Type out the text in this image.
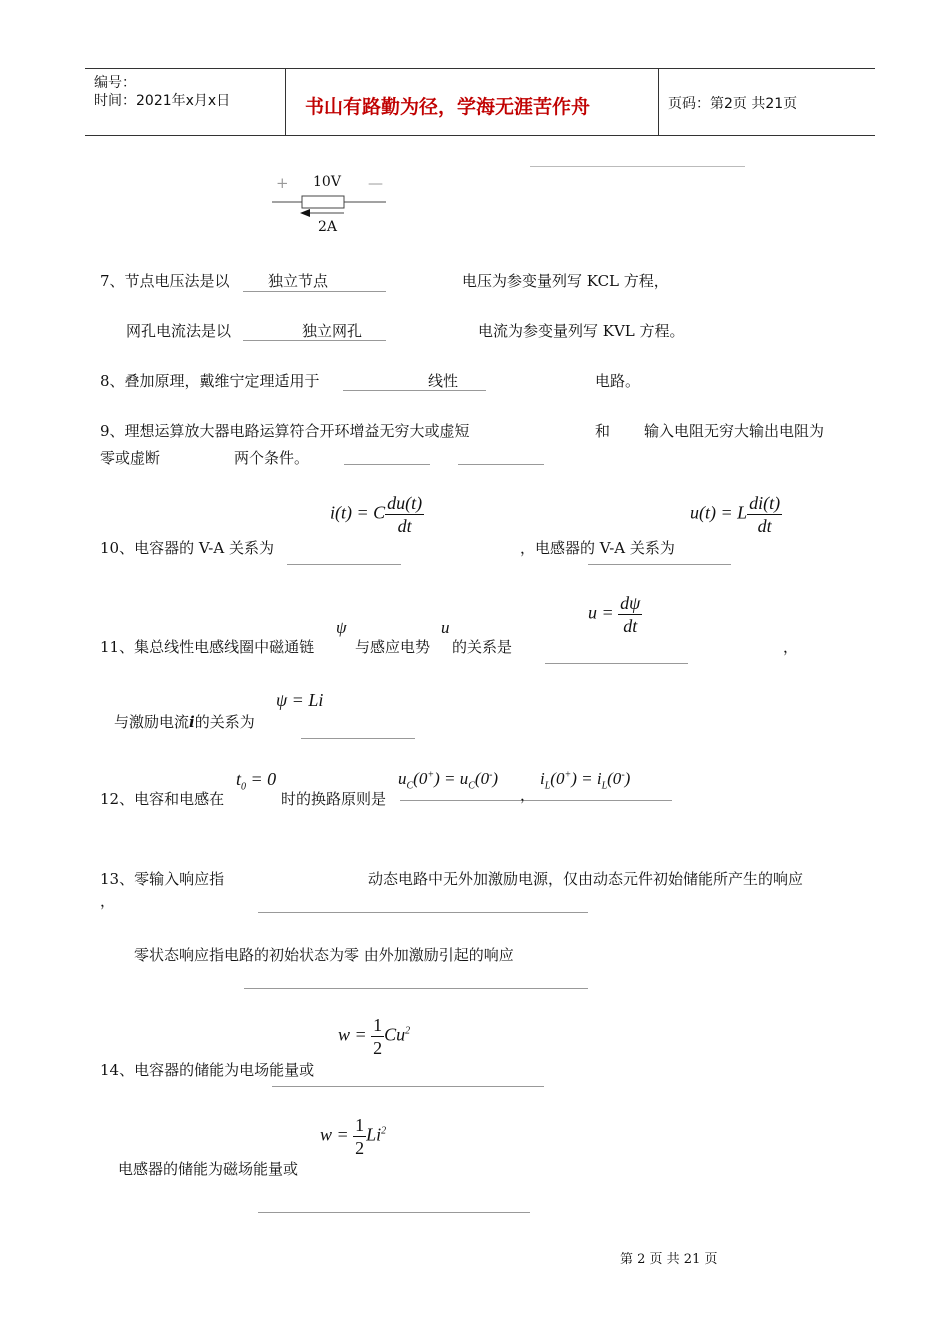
编号：
时间：2021年x月x日	书山有路勤为径，学海无涯苦作舟	页码：第2页 共21页
+ 10V —
2A
7、节点电压法是以	独立节点	电压为参变量列写 KCL 方程，
网孔电流法是以	独立网孔	电流为参变量列写 KVL 方程。
8、叠加原理，戴维宁定理适用于	线性	电路。
9、理想运算放大器电路运算符合开环增益无穷大或虚短	和 输入电阻无穷大输出电阻为
零或虚断	两个条件。
i(t) = C $\frac{du(t)}{dt}$	u(t) = L $\frac{di(t)}{dt}$
10、电容器的 V-A 关系为	，电感器的 V-A 关系为
$u = \frac{d\psi}{dt}$
ψ	u
11、集总线性电感线圈中磁通链	与感应电势 的关系是	，
ψ = Li
与激励电流i的关系为
$t_0 = 0$	$u_C(0^+) = u_C(0^-) i_L(0^+) = i_L(0^-)$
12、电容和电感在	时的换路原则是	，
13、零输入响应指	动态电路中无外加激励电源，仅由动态元件初始储能所产生的响应
，
零状态响应指电路的初始状态为零 由外加激励引起的响应
$w = \frac{1}{2} Cu^2$
14、电容器的储能为电场能量或
$w = \frac{1}{2} Li^2$
电感器的储能为磁场能量或
第 2 页 共 21 页
